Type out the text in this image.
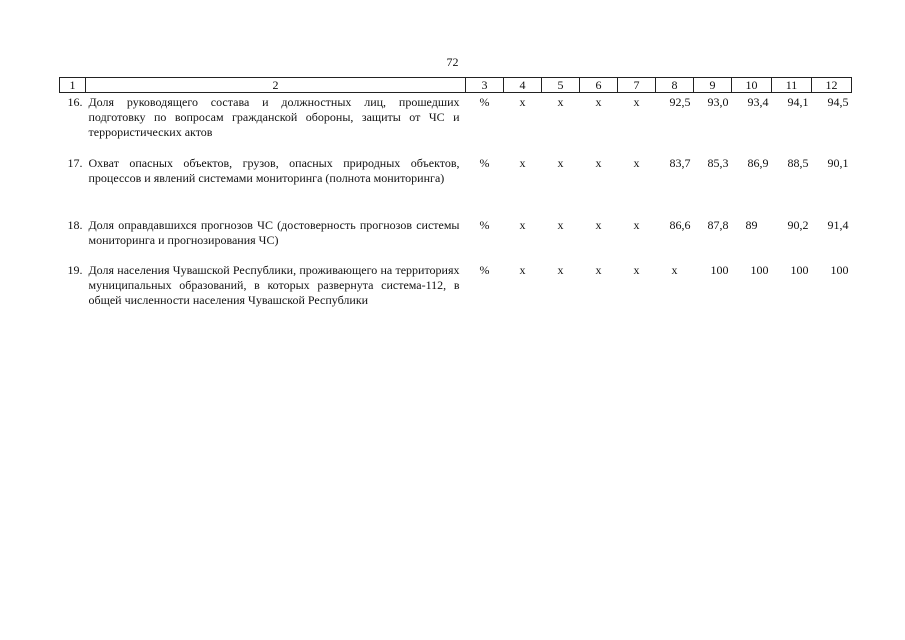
72
1	2	3	4	5	6	7	8	9	10	11	12
16.	Доля руководящего состава и должностных лиц, прошедших подготовку по вопросам гражданской обороны, защиты от ЧС и террористических актов	%	x	x	x	x	92,5	93,0	93,4	94,1	94,5
17.	Охват опасных объектов, грузов, опасных природных объектов, процессов и явлений системами мониторинга (полнота мониторинга)	%	x	x	x	x	83,7	85,3	86,9	88,5	90,1
18.	Доля оправдавшихся прогнозов ЧС (достоверность прогнозов системы мониторинга и прогнозирования ЧС)	%	x	x	x	x	86,6	87,8	89	90,2	91,4
19.	Доля населения Чувашской Республики, проживающего на территориях муниципальных образований, в которых развернута система-112, в общей численности населения Чувашской Республики	%	x	x	x	x	x	100	100	100	100
